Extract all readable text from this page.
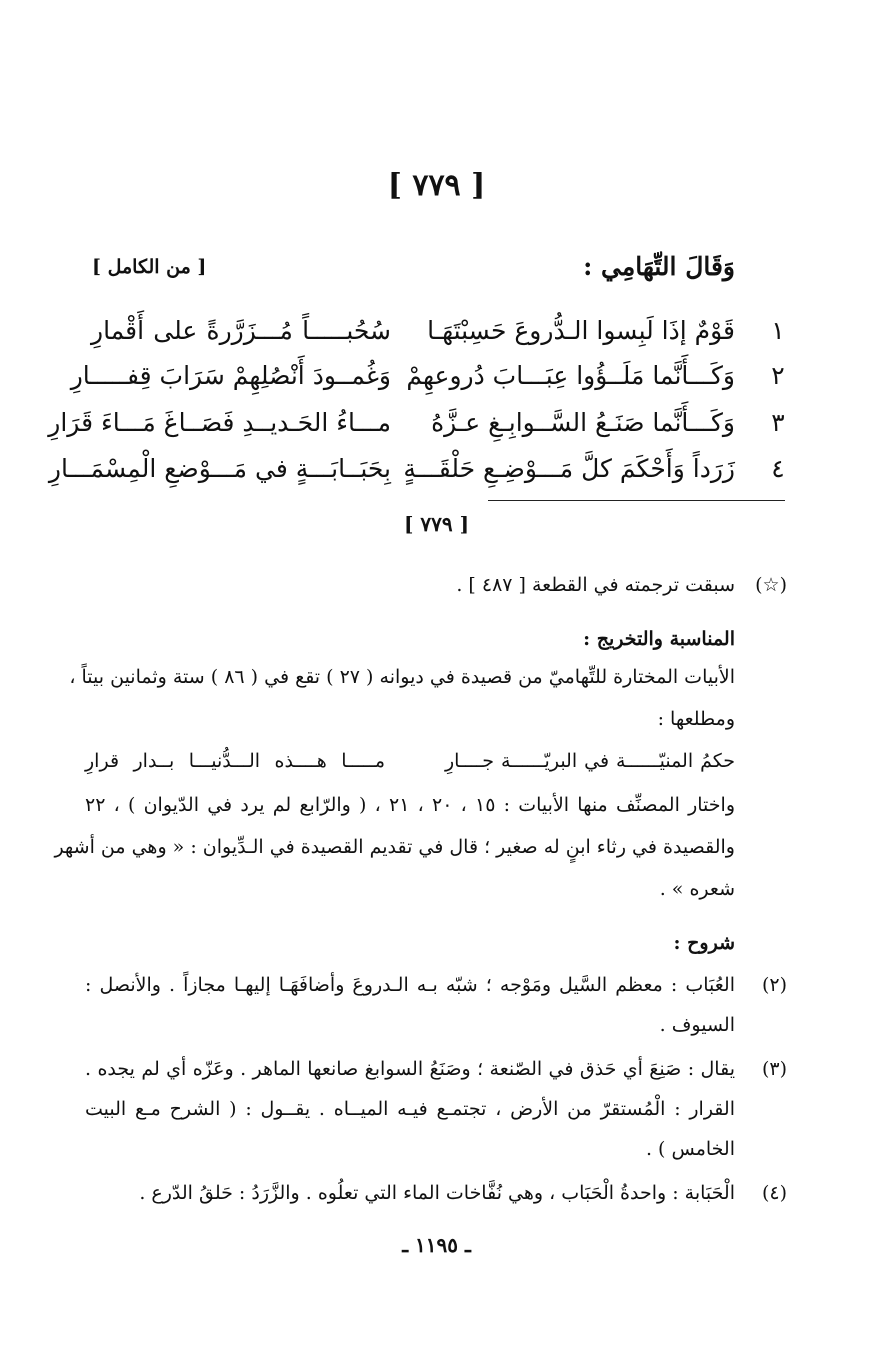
[ ٧٧٩ ]
وَقَالَ التِّهَامِي :
[ من الكامل ]
١
قَوْمٌ إذَا لَبِسوا الـدُّروعَ حَسِبْتَهَـا
سُحُبـــــاً مُـــزَرَّرةً على أَقْمارِ
٢
وَكَـــأَنَّما مَلَــؤُوا عِبَـــابَ دُروعهِمْ
وَغُمــودَ أَنْصُلِهِمْ سَرَابَ قِفـــــارِ
٣
وَكَـــأَنَّما صَنَـعُ السَّــوابِـغِ عـزَّهُ
مـــاءُ الحَـديــدِ فَصَــاغَ مَـــاءَ قَرَارِ
٤
زَرَداً وَأَحْكَمَ كلَّ مَـــوْضِـعِ حَلْقَـــةٍ
بِحَبَــابَـــةٍ في مَـــوْضعِ الْمِسْمَـــارِ
[ ٧٧٩ ]
(☆)
سبقت ترجمته في القطعة [ ٤٨٧ ] .
المناسبة والتخريج :
الأبيات المختارة للتِّهاميّ من قصيدة في ديوانه ( ٢٧ ) تقع في ( ٨٦ ) ستة وثمانين بيتاً ،
ومطلعها :
حكمُ المنيّــــــة في البريّــــــة جــــارِ
مـــــا هــــذه الـــدُّنيـــا بــدار قرارِ
واختار المصنِّف منها الأبيات : ١٥ ، ٢٠ ، ٢١ ، ( والرّابع لم يرد في الدّيوان ) ، ٢٢
والقصيدة في رثاء ابنٍ له صغير ؛ قال في تقديم القصيدة في الـدِّيوان : « وهي من أشهر
شعره » .
شروح :
(٢)
العُبَاب : معظم السَّيل ومَوْجه ؛ شبّه بـه الـدروعَ وأضافَهَـا إليهـا مجازاً . والأنصل :
السيوف .
(٣)
يقال : صَنِعَ أي حَذق في الصّنعة ؛ وصَنَعُ السوابغ صانعها الماهر . وعَزّه أي لم يجده .
القرار : الْمُستقرّ من الأرض ، تجتمـع فيـه الميــاه . يقــول : ( الشرح مـع البيت
الخامس ) .
(٤)
الْحَبَابة : واحدةُ الْحَبَاب ، وهي نُفَّاخات الماء التي تعلُوه . والزَّرَدُ : حَلقُ الدّرع .
ـ ١١٩٥ ـ
